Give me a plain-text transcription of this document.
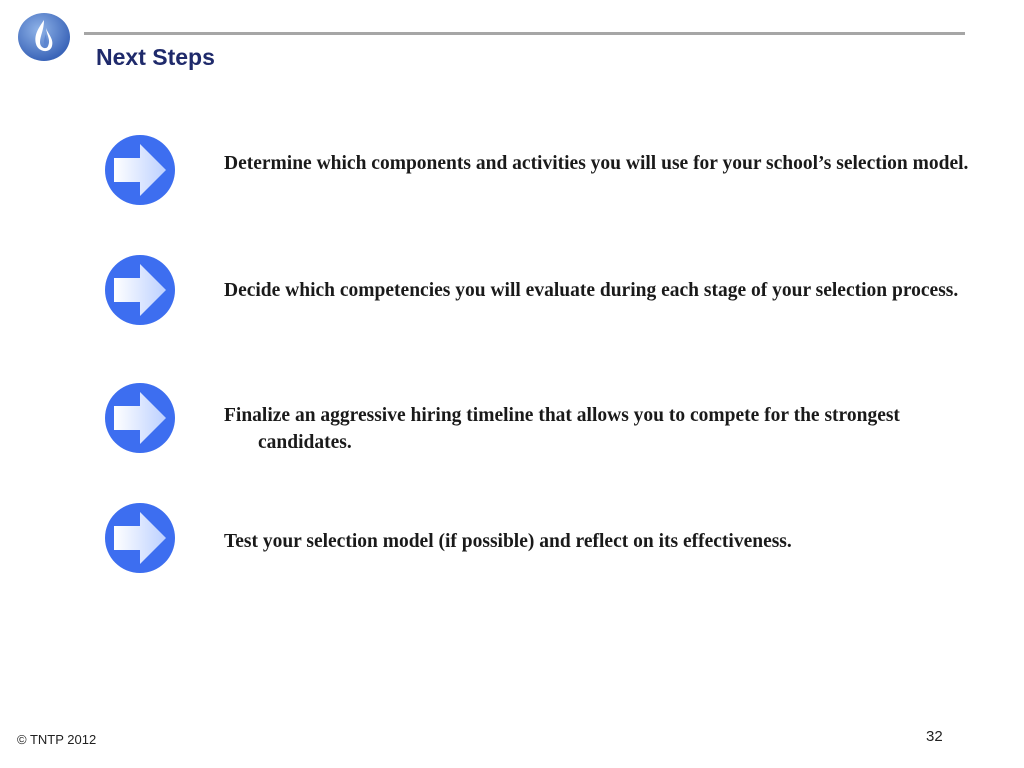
Next Steps
Determine which components and activities you will use for your school’s selection model.
Decide which competencies you will evaluate during each stage of your selection process.
Finalize an aggressive hiring timeline that allows you to compete for the strongest candidates.
Test your selection model (if possible) and reflect on its effectiveness.
© TNTP 2012	32
